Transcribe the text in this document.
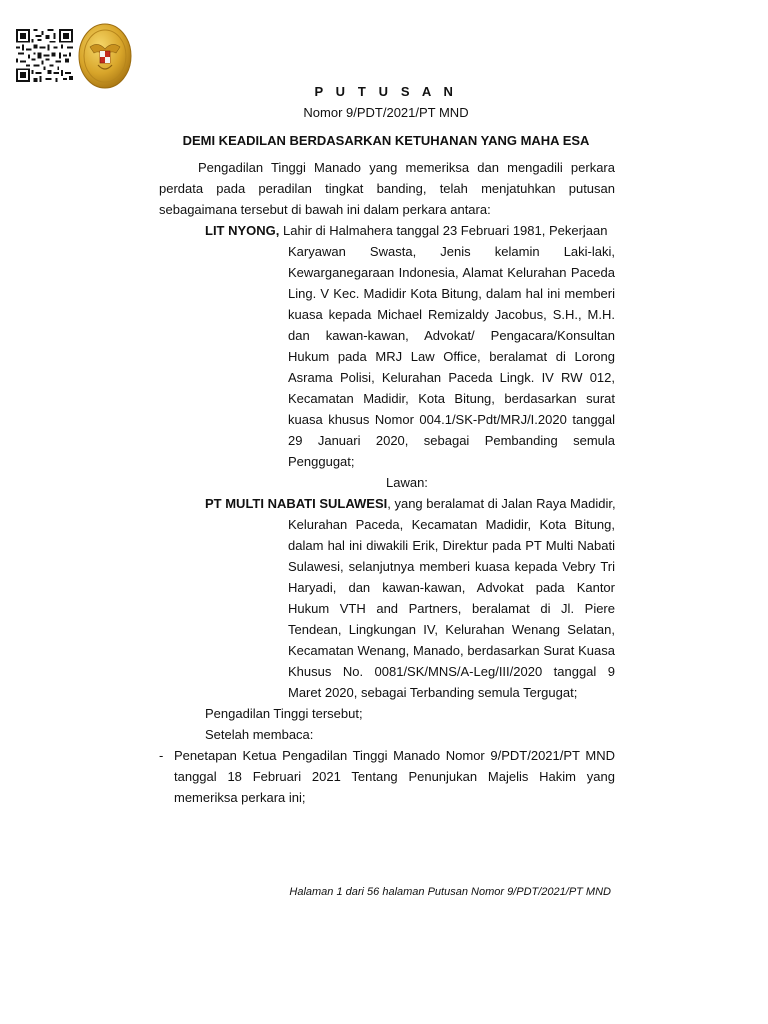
P U T U S A N
Nomor 9/PDT/2021/PT MND
DEMI KEADILAN BERDASARKAN KETUHANAN YANG MAHA ESA
Pengadilan Tinggi Manado yang memeriksa dan mengadili perkara perdata pada peradilan tingkat banding, telah menjatuhkan putusan sebagaimana tersebut di bawah ini dalam perkara antara:
LIT NYONG, Lahir di Halmahera tanggal 23 Februari 1981, Pekerjaan
Karyawan Swasta, Jenis kelamin Laki-laki, Kewarganegaraan Indonesia, Alamat Kelurahan Paceda Ling. V Kec. Madidir Kota Bitung, dalam hal ini memberi kuasa kepada Michael Remizaldy Jacobus, S.H., M.H. dan kawan-kawan, Advokat/ Pengacara/Konsultan Hukum pada MRJ Law Office, beralamat di Lorong Asrama Polisi, Kelurahan Paceda Lingk. IV RW 012, Kecamatan Madidir, Kota Bitung, berdasarkan surat kuasa khusus Nomor 004.1/SK-Pdt/MRJ/I.2020 tanggal 29 Januari 2020, sebagai Pembanding semula Penggugat;
Lawan:
PT MULTI NABATI SULAWESI, yang beralamat di Jalan Raya Madidir,
Kelurahan Paceda, Kecamatan Madidir, Kota Bitung, dalam hal ini diwakili Erik, Direktur pada PT Multi Nabati Sulawesi, selanjutnya memberi kuasa kepada Vebry Tri Haryadi, dan kawan-kawan, Advokat pada Kantor Hukum VTH and Partners, beralamat di Jl. Piere Tendean, Lingkungan IV, Kelurahan Wenang Selatan, Kecamatan Wenang, Manado, berdasarkan Surat Kuasa Khusus No. 0081/SK/MNS/A-Leg/III/2020 tanggal 9 Maret 2020, sebagai Terbanding semula Tergugat;
Pengadilan Tinggi tersebut;
Setelah membaca:
- Penetapan Ketua Pengadilan Tinggi Manado Nomor 9/PDT/2021/PT MND tanggal 18 Februari 2021 Tentang Penunjukan Majelis Hakim yang memeriksa perkara ini;
Halaman 1 dari 56 halaman Putusan Nomor 9/PDT/2021/PT MND
